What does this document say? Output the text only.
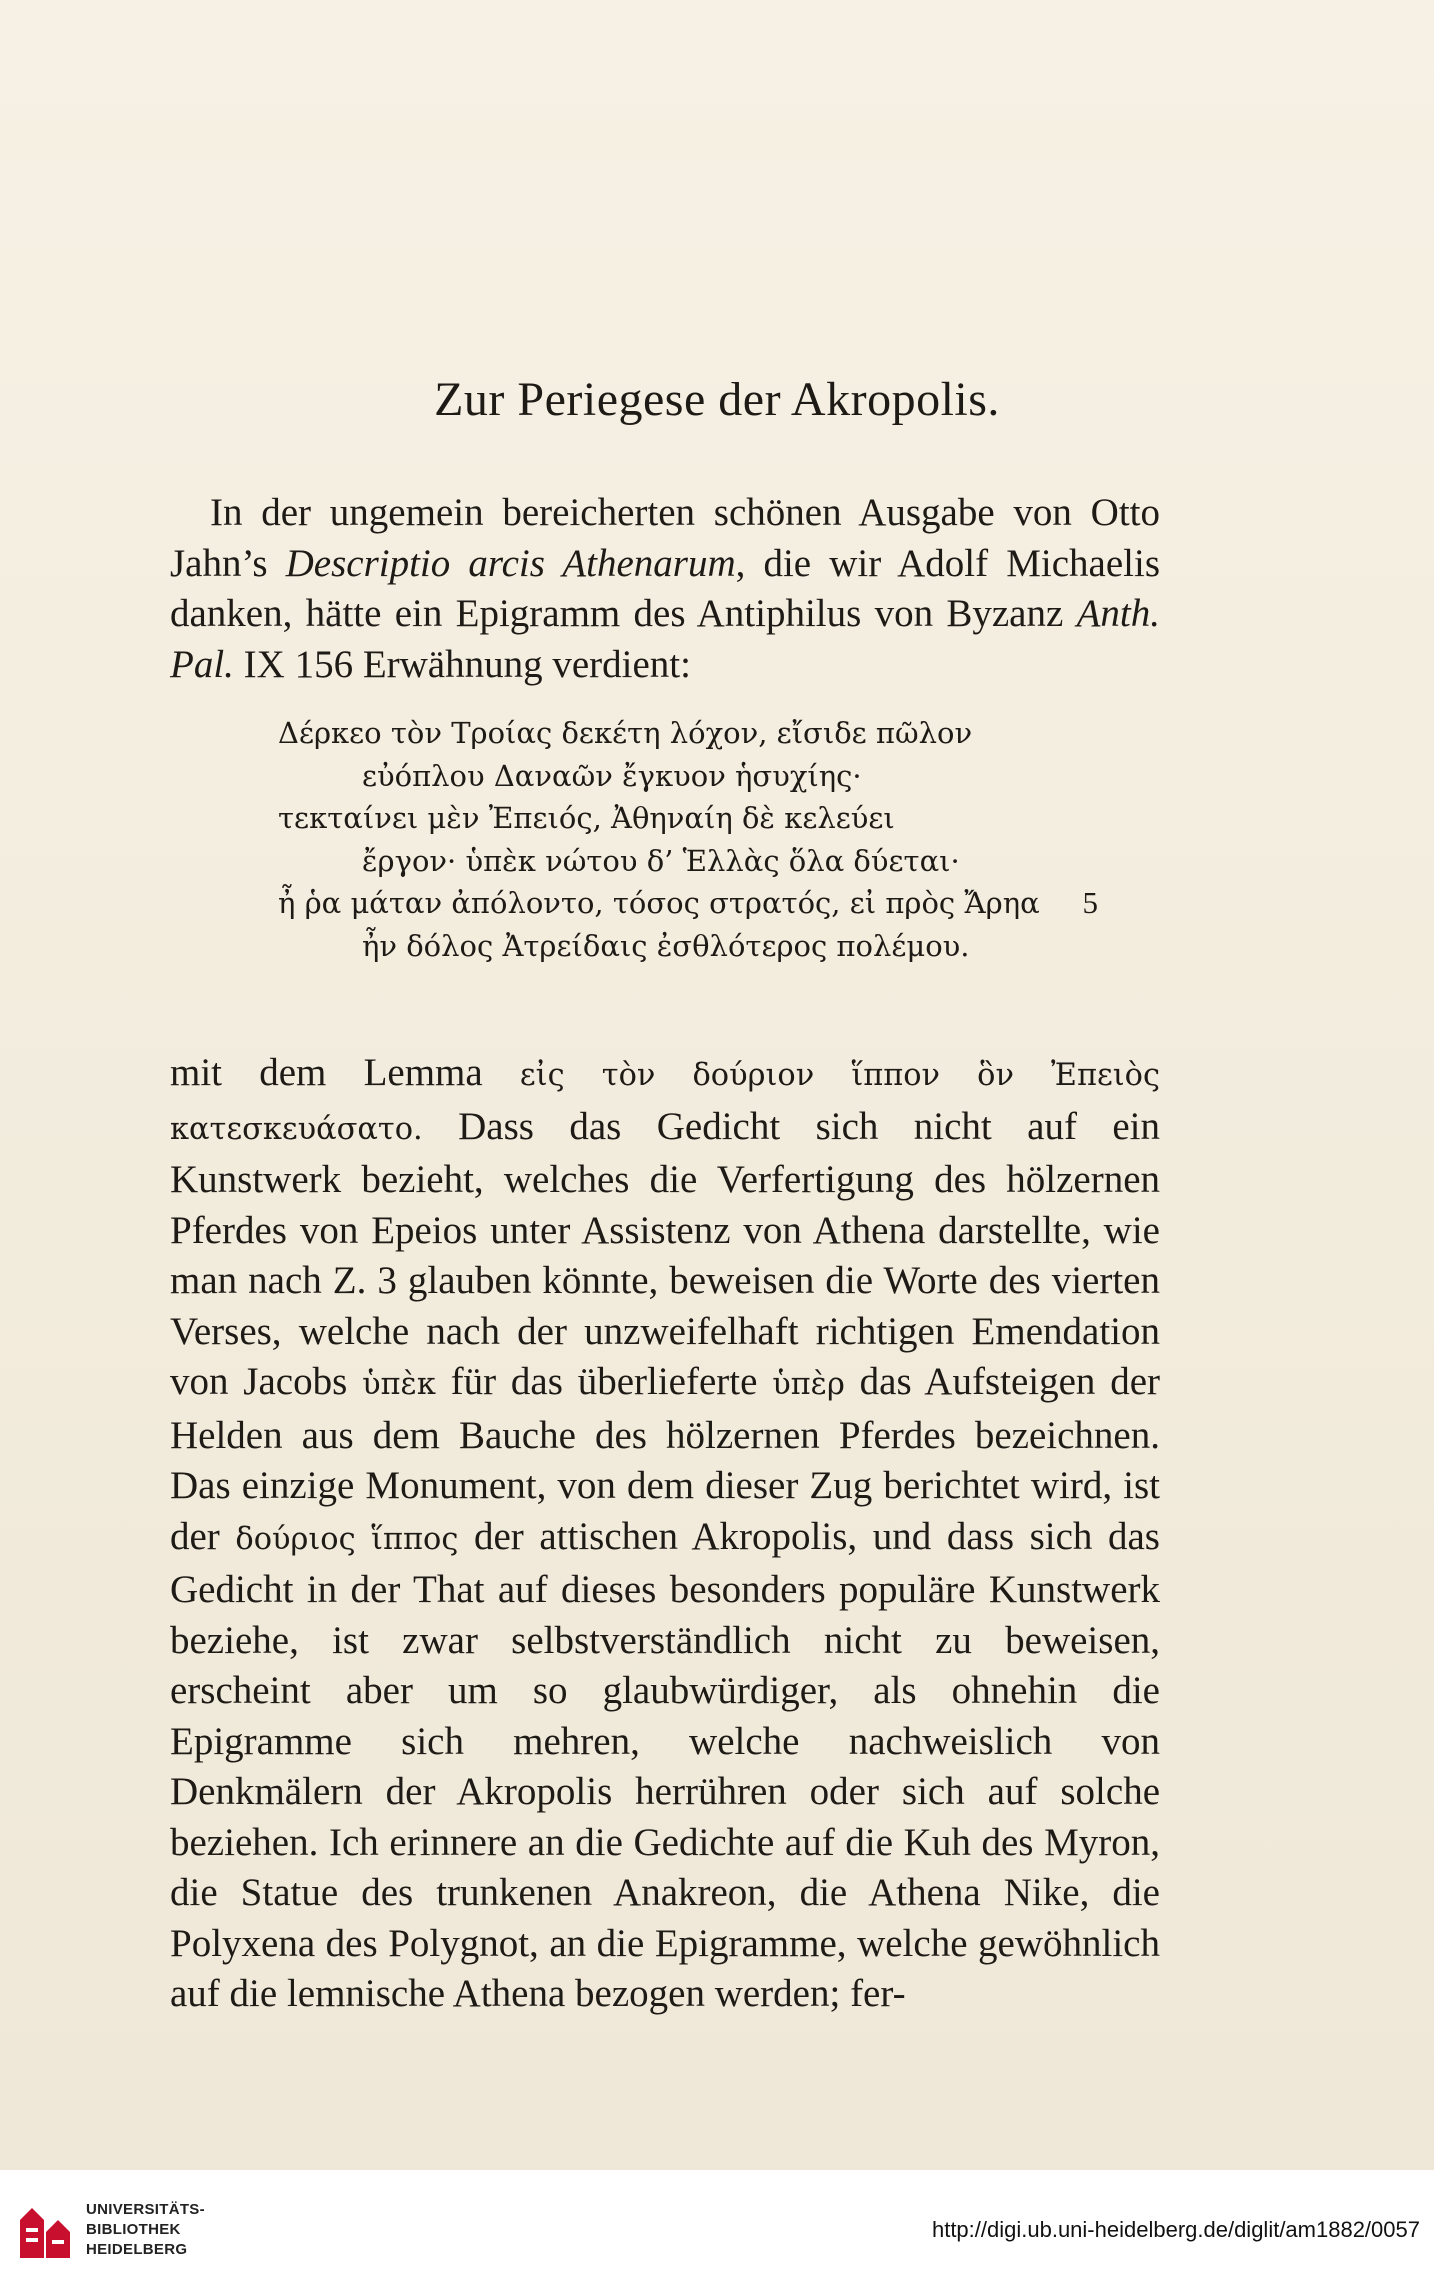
Zur Periegese der Akropolis.

In der ungemein bereicherten schönen Ausgabe von Otto Jahn’s Descriptio arcis Athenarum, die wir Adolf Michaelis danken, hätte ein Epigramm des Antiphilus von Byzanz Anth. Pal. IX 156 Erwähnung verdient:

Δέρκεο τὸν Τροίας δεκέτη λόχον, εἴσιδε πῶλον
εὐόπλου Δαναῶν ἔγκυον ἡσυχίης·
τεκταίνει μὲν Ἐπειός, Ἀθηναίη δὲ κελεύει
ἔργον· ὑπὲκ νώτου δ’ Ἑλλὰς ὅλα δύεται·
ἦ ῥα μάταν ἀπόλοντο, τόσος στρατός, εἰ πρὸς Ἄρηα 5
ἦν δόλος Ἀτρείδαις ἐσθλότερος πολέμου.

mit dem Lemma εἰς τὸν δούριον ἵππον ὃν Ἐπειὸς κατεσκευάσατο. Dass das Gedicht sich nicht auf ein Kunstwerk bezieht, welches die Verfertigung des hölzernen Pferdes von Epeios unter Assistenz von Athena darstellte, wie man nach Z. 3 glauben könnte, beweisen die Worte des vierten Verses, welche nach der unzweifelhaft richtigen Emendation von Jacobs ὑπὲκ für das überlieferte ὑπὲρ das Aufsteigen der Helden aus dem Bauche des hölzernen Pferdes bezeichnen. Das einzige Monument, von dem dieser Zug berichtet wird, ist der δούριος ἵππος der attischen Akropolis, und dass sich das Gedicht in der That auf dieses besonders populäre Kunstwerk beziehe, ist zwar selbstverständlich nicht zu beweisen, erscheint aber um so glaubwürdiger, als ohnehin die Epigramme sich mehren, welche nachweislich von Denkmälern der Akropolis herrühren oder sich auf solche beziehen. Ich erinnere an die Gedichte auf die Kuh des Myron, die Statue des trunkenen Anakreon, die Athena Nike, die Polyxena des Polygnot, an die Epigramme, welche gewöhnlich auf die lemnische Athena bezogen werden; fer-

UNIVERSITÄTS-
BIBLIOTHEK
HEIDELBERG
http://digi.ub.uni-heidelberg.de/diglit/am1882/0057
